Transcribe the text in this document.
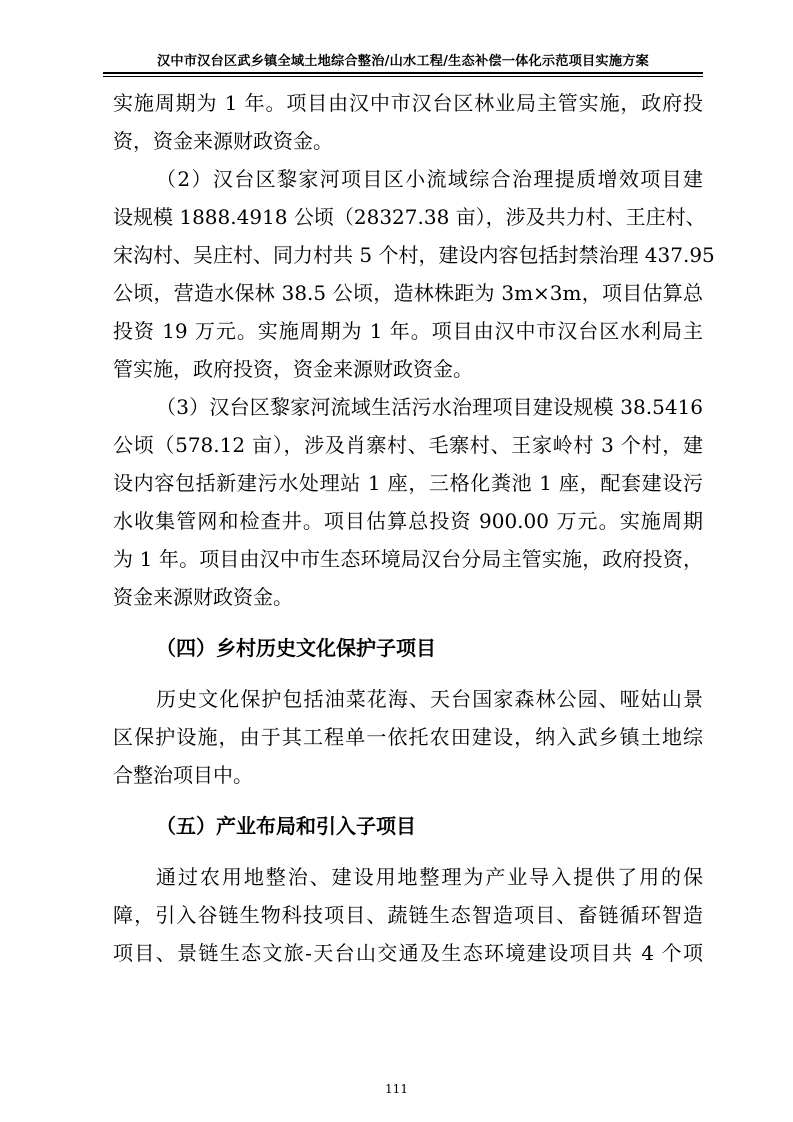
汉中市汉台区武乡镇全域土地综合整治/山水工程/生态补偿一体化示范项目实施方案
实施周期为 1 年。项目由汉中市汉台区林业局主管实施，政府投
资，资金来源财政资金。
（2）汉台区黎家河项目区小流域综合治理提质增效项目建
设规模 1888.4918 公顷（28327.38 亩），涉及共力村、王庄村、
宋沟村、吴庄村、同力村共 5 个村，建设内容包括封禁治理 437.95
公顷，营造水保林 38.5 公顷，造林株距为 3m×3m，项目估算总
投资 19 万元。实施周期为 1 年。项目由汉中市汉台区水利局主
管实施，政府投资，资金来源财政资金。
（3）汉台区黎家河流域生活污水治理项目建设规模 38.5416
公顷（578.12 亩），涉及肖寨村、毛寨村、王家岭村 3 个村，建
设内容包括新建污水处理站 1 座，三格化粪池 1 座，配套建设污
水收集管网和检查井。项目估算总投资 900.00 万元。实施周期
为 1 年。项目由汉中市生态环境局汉台分局主管实施，政府投资，
资金来源财政资金。
（四）乡村历史文化保护子项目
历史文化保护包括油菜花海、天台国家森林公园、哑姑山景
区保护设施，由于其工程单一依托农田建设，纳入武乡镇土地综
合整治项目中。
（五）产业布局和引入子项目
通过农用地整治、建设用地整理为产业导入提供了用的保
障，引入谷链生物科技项目、蔬链生态智造项目、畜链循环智造
项目、景链生态文旅-天台山交通及生态环境建设项目共 4 个项
111
